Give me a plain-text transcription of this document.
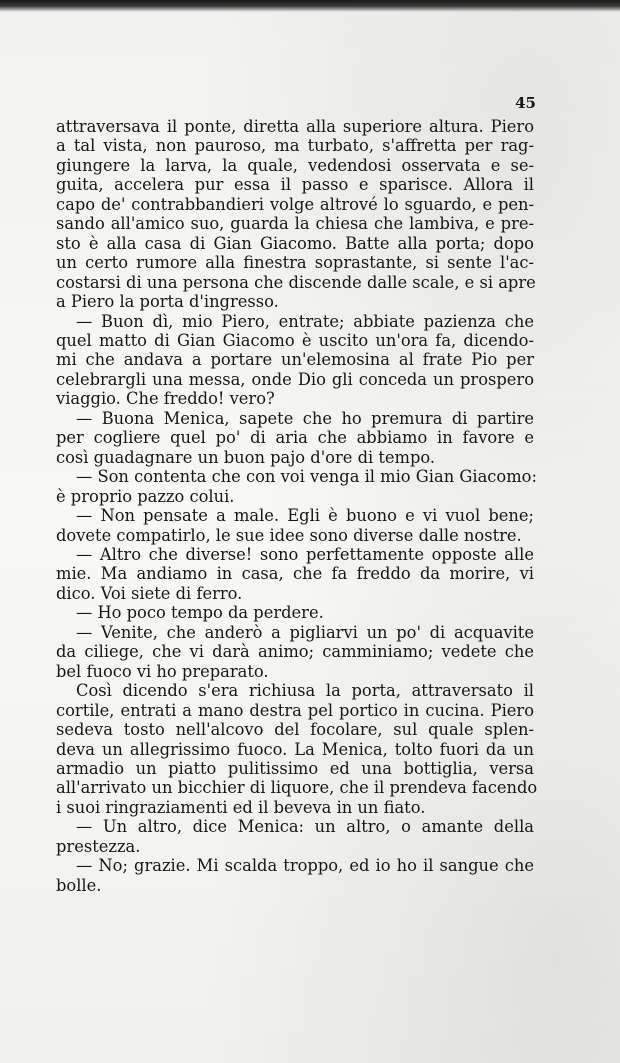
45
attraversava il ponte, diretta alla superiore altura. Piero
a tal vista, non pauroso, ma turbato, s'affretta per rag-
giungere la larva, la quale, vedendosi osservata e se-
guita, accelera pur essa il passo e sparisce. Allora il
capo de' contrabbandieri volge altrové lo sguardo, e pen-
sando all'amico suo, guarda la chiesa che lambiva, e pre-
sto è alla casa di Gian Giacomo. Batte alla porta; dopo
un certo rumore alla finestra soprastante, si sente l'ac-
costarsi di una persona che discende dalle scale, e si apre
a Piero la porta d'ingresso.
— Buon dì, mio Piero, entrate; abbiate pazienza che
quel matto di Gian Giacomo è uscito un'ora fa, dicendo-
mi che andava a portare un'elemosina al frate Pio per
celebrargli una messa, onde Dio gli conceda un prospero
viaggio. Che freddo! vero?
— Buona Menica, sapete che ho premura di partire
per cogliere quel po' di aria che abbiamo in favore e
così guadagnare un buon pajo d'ore di tempo.
— Son contenta che con voi venga il mio Gian Giacomo:
è proprio pazzo colui.
— Non pensate a male. Egli è buono e vi vuol bene;
dovete compatirlo, le sue idee sono diverse dalle nostre.
— Altro che diverse! sono perfettamente opposte alle
mie. Ma andiamo in casa, che fa freddo da morire, vi
dico. Voi siete di ferro.
— Ho poco tempo da perdere.
— Venite, che anderò a pigliarvi un po' di acquavite
da ciliege, che vi darà animo; camminiamo; vedete che
bel fuoco vi ho preparato.
Così dicendo s'era richiusa la porta, attraversato il
cortile, entrati a mano destra pel portico in cucina. Piero
sedeva tosto nell'alcovo del focolare, sul quale splen-
deva un allegrissimo fuoco. La Menica, tolto fuori da un
armadio un piatto pulitissimo ed una bottiglia, versa
all'arrivato un bicchier di liquore, che il prendeva facendo
i suoi ringraziamenti ed il beveva in un fiato.
— Un altro, dice Menica: un altro, o amante della
prestezza.
— No; grazie. Mi scalda troppo, ed io ho il sangue che
bolle.
